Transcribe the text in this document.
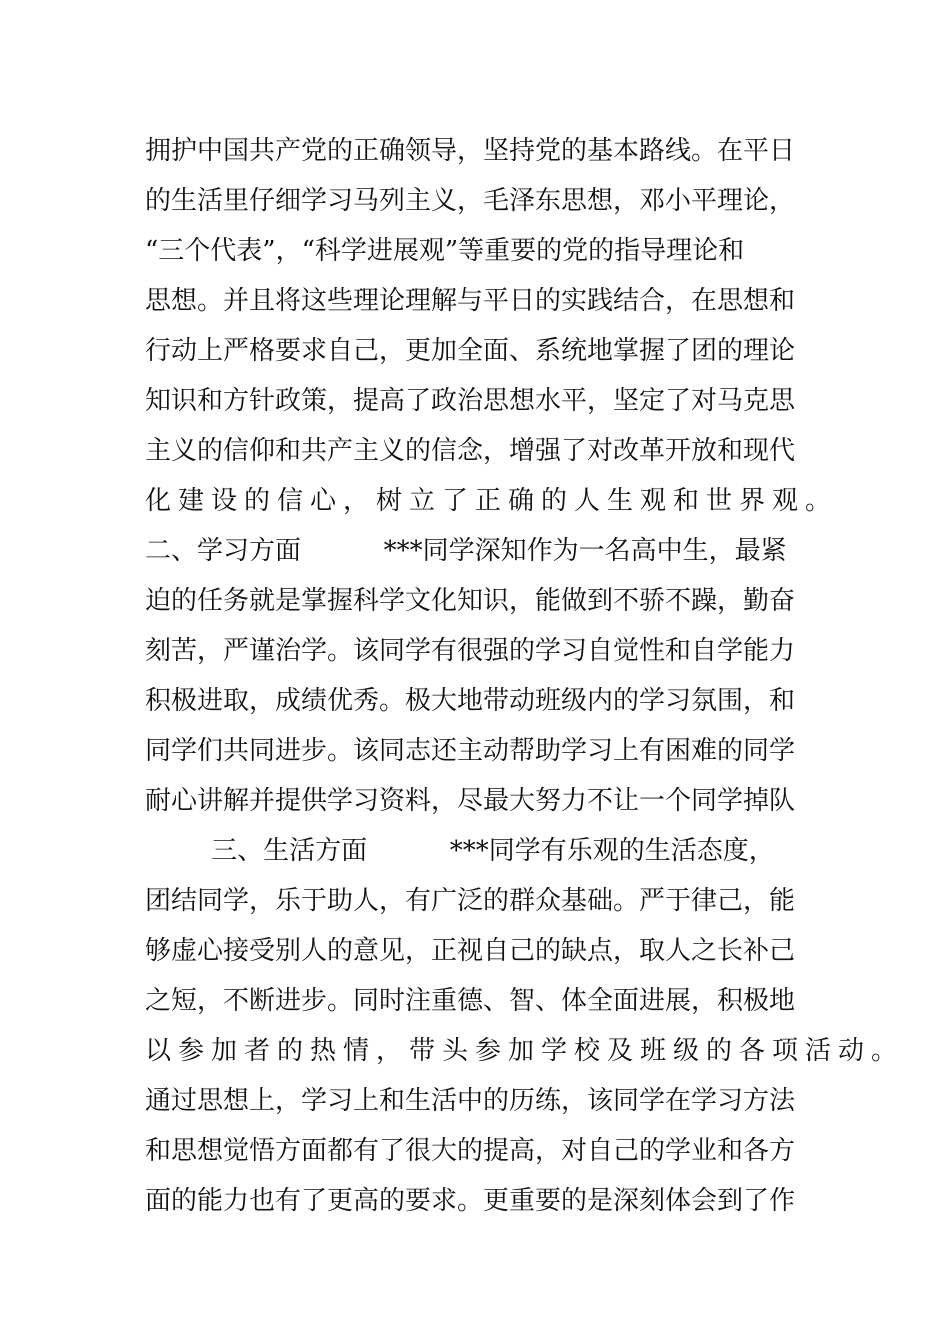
拥护中国共产党的正确领导，坚持党的基本路线。在平日
的生活里仔细学习马列主义，毛泽东思想，邓小平理论，
“三个代表”，“科学进展观”等重要的党的指导理论和
思想。并且将这些理论理解与平日的实践结合，在思想和
行动上严格要求自己，更加全面、系统地掌握了团的理论
知识和方针政策，提高了政治思想水平，坚定了对马克思
主义的信仰和共产主义的信念，增强了对改革开放和现代
化建设的信心，树立了正确的人生观和世界观。
二、学习方面          ***同学深知作为一名高中生，最紧
迫的任务就是掌握科学文化知识，能做到不骄不躁，勤奋
刻苦，严谨治学。该同学有很强的学习自觉性和自学能力
积极进取，成绩优秀。极大地带动班级内的学习氛围，和
同学们共同进步。该同志还主动帮助学习上有困难的同学
耐心讲解并提供学习资料，尽最大努力不让一个同学掉队
三、生活方面          ***同学有乐观的生活态度，
团结同学，乐于助人，有广泛的群众基础。严于律己，能
够虚心接受别人的意见，正视自己的缺点，取人之长补己
之短，不断进步。同时注重德、智、体全面进展，积极地
以参加者的热情，带头参加学校及班级的各项活动。
通过思想上，学习上和生活中的历练，该同学在学习方法
和思想觉悟方面都有了很大的提高，对自己的学业和各方
面的能力也有了更高的要求。更重要的是深刻体会到了作
